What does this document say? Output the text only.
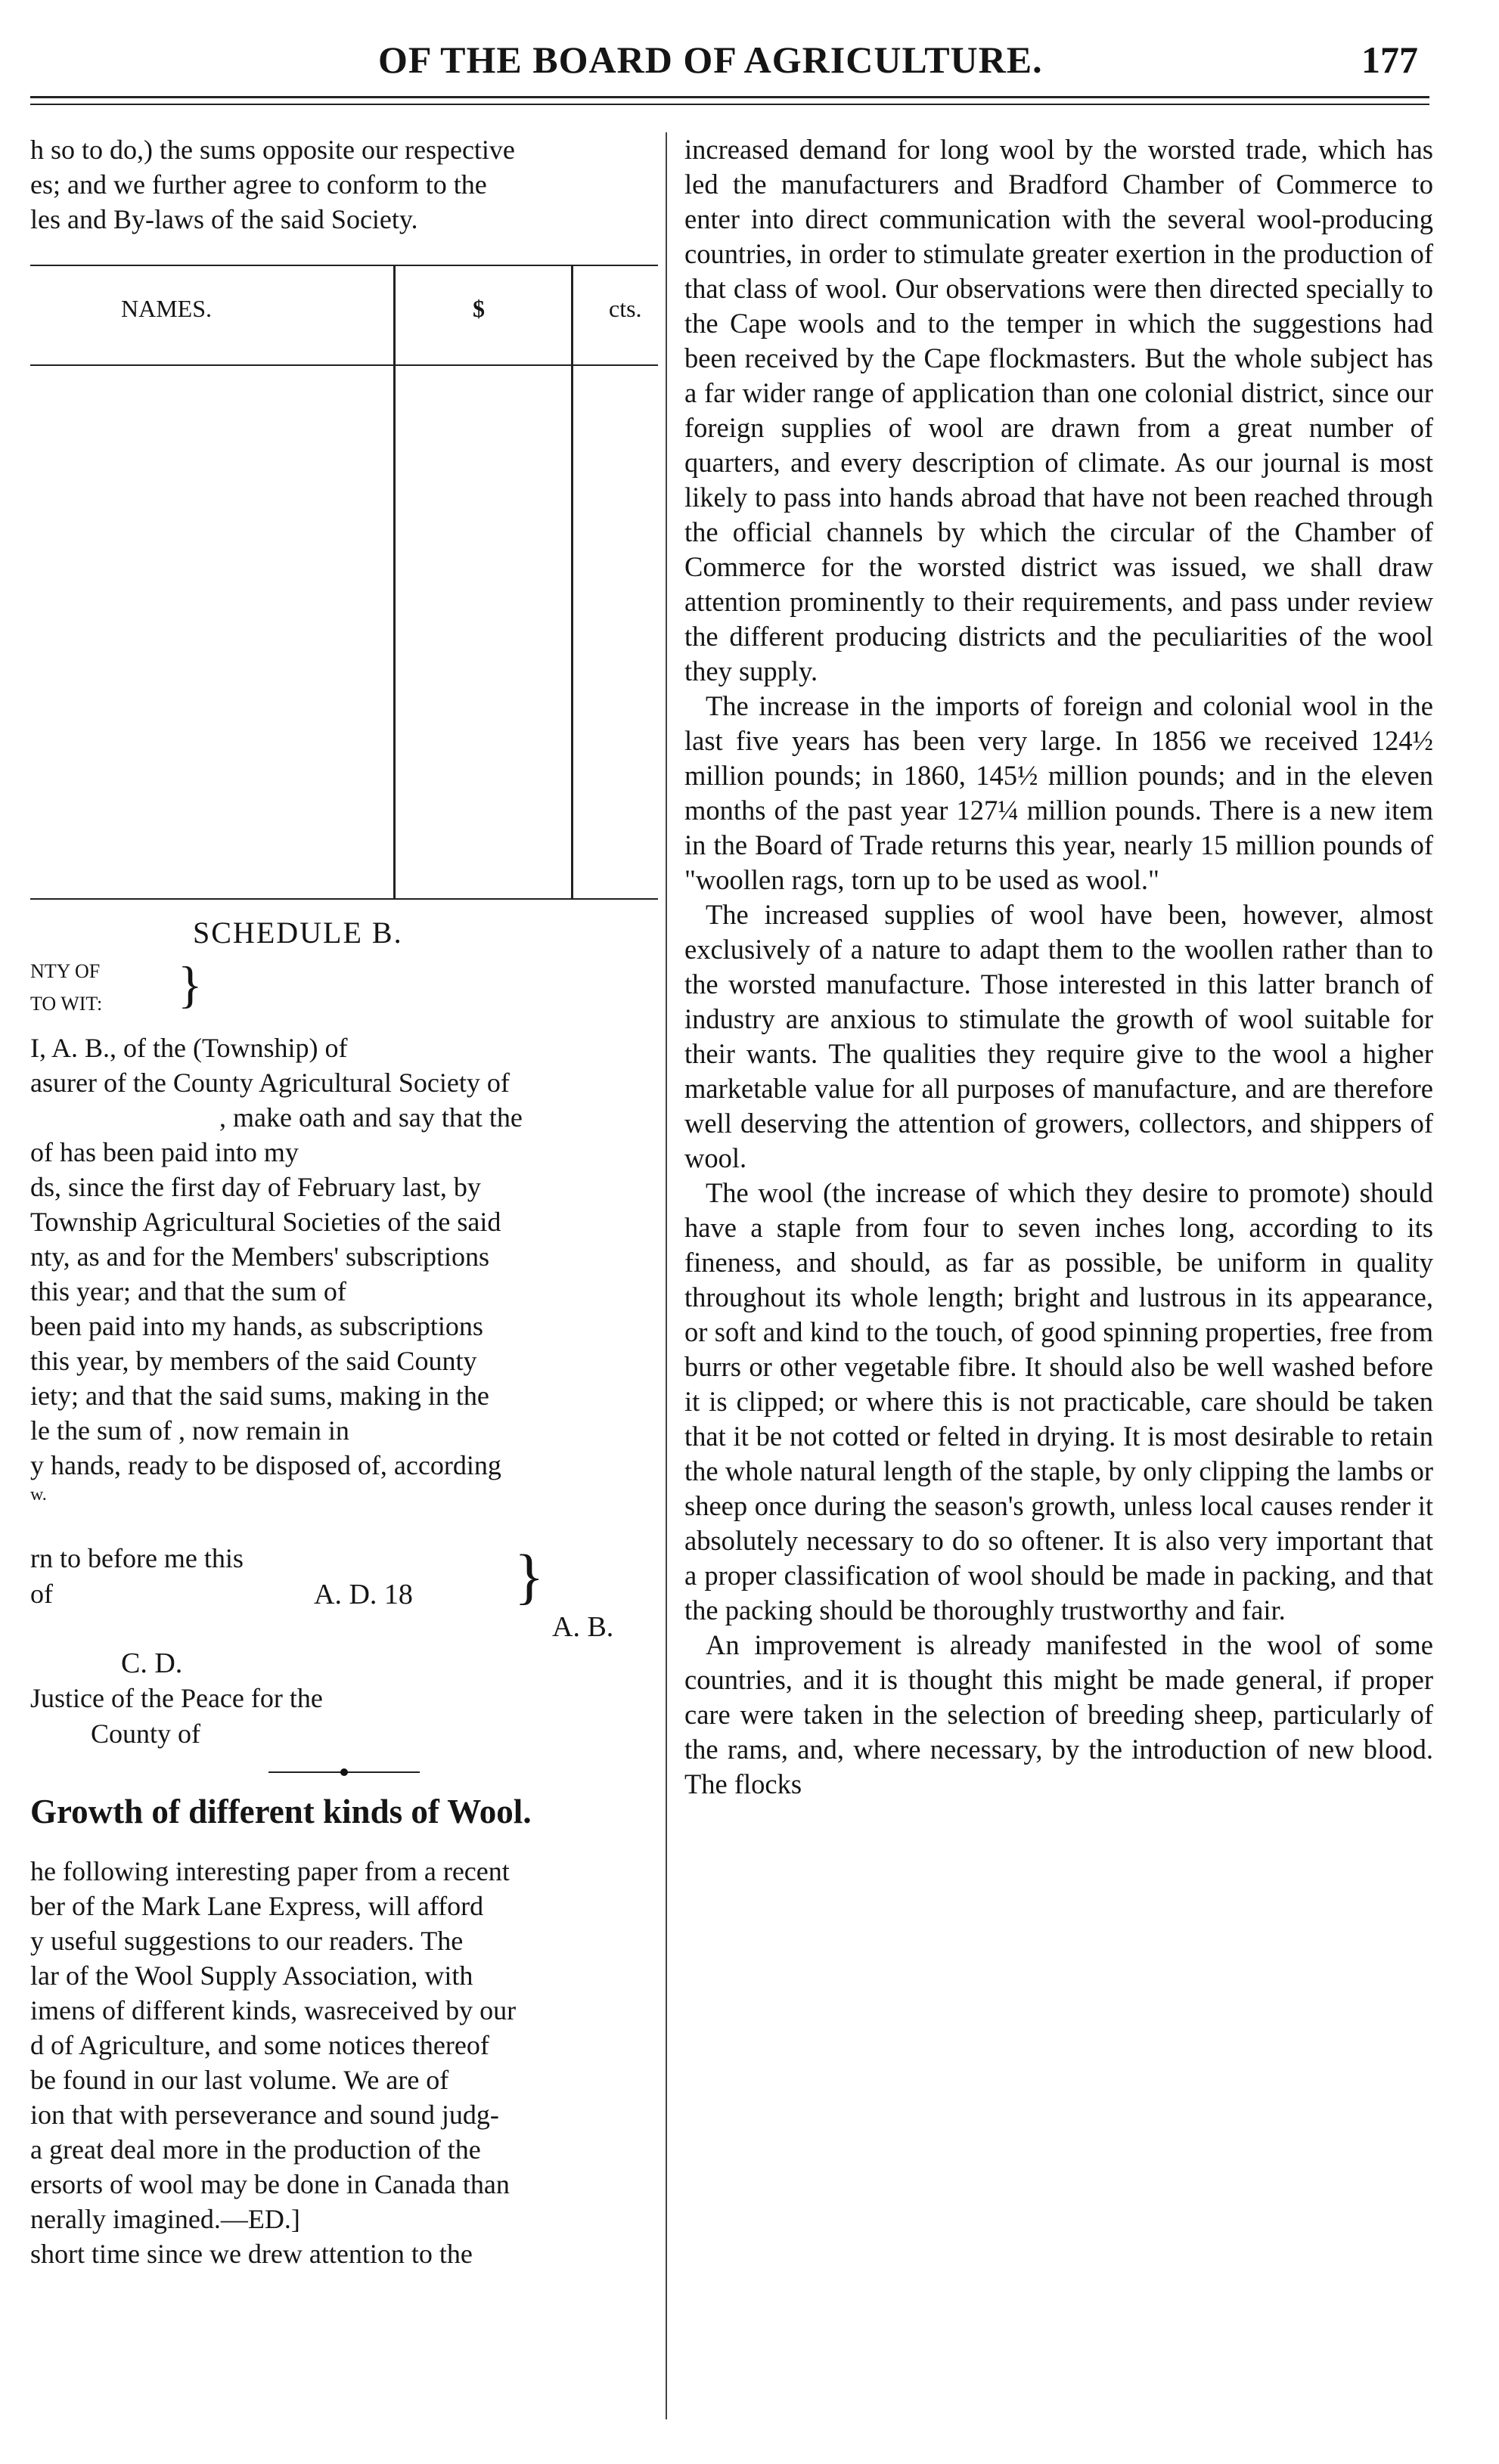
OF THE BOARD OF AGRICULTURE.	177

h so to do,) the sums opposite our respective

es; and we further agree to conform to the

les and By-laws of the said Society.

NAMES.	$	cts.
SCHEDULE B.
NTY OF
TO WIT: }

I, A. B., of the (Township) of

asurer of the County Agricultural Society of

, make oath and say that the

of has been paid into my

ds, since the first day of February last, by

Township Agricultural Societies of the said

nty, as and for the Members' subscriptions

this year; and that the sum of

been paid into my hands, as subscriptions

this year, by members of the said County

iety; and that the said sums, making in the

le the sum of , now remain in

y hands, ready to be disposed of, according

w.

rn to before me this
of	A. D. 18 }
A. B.
C. D.
Justice of the Peace for the
County of
Growth of different kinds of Wool.

he following interesting paper from a recent

ber of the Mark Lane Express, will afford

y useful suggestions to our readers. The

lar of the Wool Supply Association, with

imens of different kinds, wasreceived by our

d of Agriculture, and some notices thereof

be found in our last volume. We are of

ion that with perseverance and sound judg-

a great deal more in the production of the

ersorts of wool may be done in Canada than

nerally imagined.—ED.]

short time since we drew attention to the

increased demand for long wool by the worsted trade, which has led the manufacturers and Bradford Chamber of Commerce to enter into direct communication with the several wool-producing countries, in order to stimulate greater exertion in the production of that class of wool. Our observations were then directed specially to the Cape wools and to the temper in which the suggestions had been received by the Cape flockmasters. But the whole subject has a far wider range of application than one colonial district, since our foreign supplies of wool are drawn from a great number of quarters, and every description of climate. As our journal is most likely to pass into hands abroad that have not been reached through the official channels by which the circular of the Chamber of Commerce for the worsted district was issued, we shall draw attention prominently to their requirements, and pass under review the different producing districts and the peculiarities of the wool they supply.

The increase in the imports of foreign and colonial wool in the last five years has been very large. In 1856 we received 124½ million pounds; in 1860, 145½ million pounds; and in the eleven months of the past year 127¼ million pounds. There is a new item in the Board of Trade returns this year, nearly 15 million pounds of "woollen rags, torn up to be used as wool."

The increased supplies of wool have been, however, almost exclusively of a nature to adapt them to the woollen rather than to the worsted manufacture. Those interested in this latter branch of industry are anxious to stimulate the growth of wool suitable for their wants. The qualities they require give to the wool a higher marketable value for all purposes of manufacture, and are therefore well deserving the attention of growers, collectors, and shippers of wool.

The wool (the increase of which they desire to promote) should have a staple from four to seven inches long, according to its fineness, and should, as far as possible, be uniform in quality throughout its whole length; bright and lustrous in its appearance, or soft and kind to the touch, of good spinning properties, free from burrs or other vegetable fibre. It should also be well washed before it is clipped; or where this is not practicable, care should be taken that it be not cotted or felted in drying. It is most desirable to retain the whole natural length of the staple, by only clipping the lambs or sheep once during the season's growth, unless local causes render it absolutely necessary to do so oftener. It is also very important that a proper classification of wool should be made in packing, and that the packing should be thoroughly trustworthy and fair.

An improvement is already manifested in the wool of some countries, and it is thought this might be made general, if proper care were taken in the selection of breeding sheep, particularly of the rams, and, where necessary, by the introduction of new blood. The flocks
